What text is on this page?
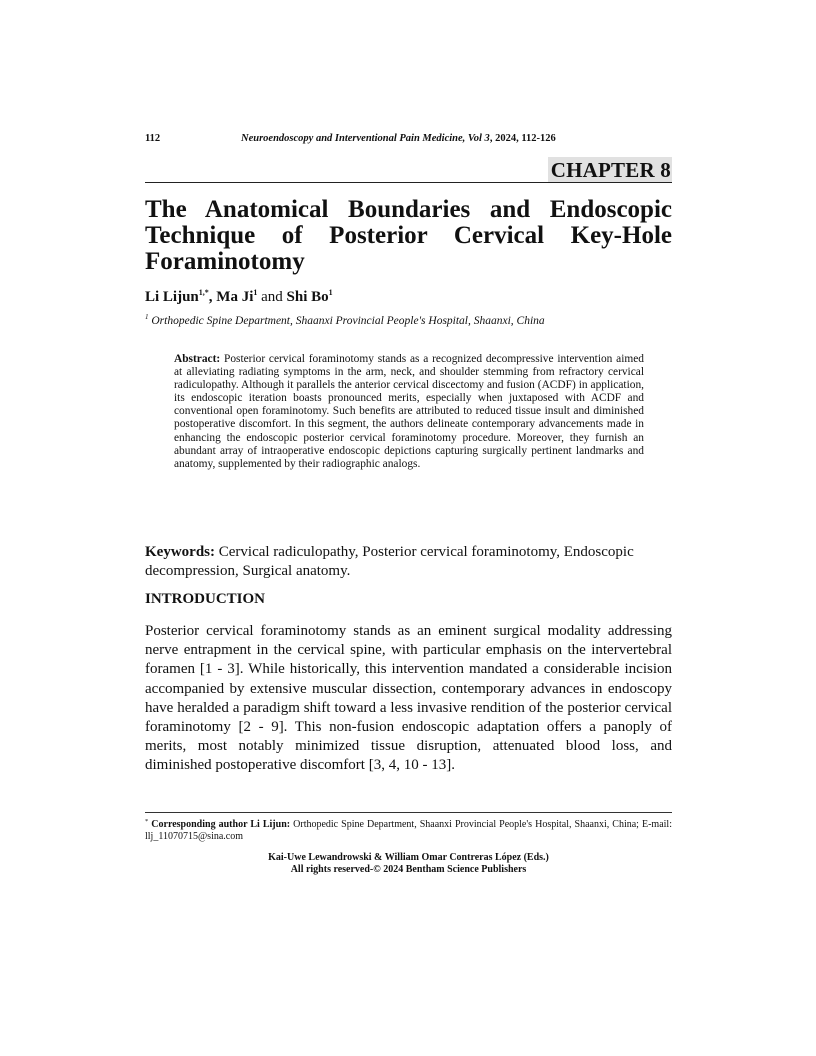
112	Neuroendoscopy and Interventional Pain Medicine, Vol 3, 2024, 112-126
CHAPTER 8
The Anatomical Boundaries and Endoscopic Technique of Posterior Cervical Key-Hole Foraminotomy
Li Lijun$^{1,*}$, Ma Ji$^1$ and Shi Bo$^1$
$^1$ Orthopedic Spine Department, Shaanxi Provincial People's Hospital, Shaanxi, China

Abstract: Posterior cervical foraminotomy stands as a recognized decompressive intervention aimed at alleviating radiating symptoms in the arm, neck, and shoulder stemming from refractory cervical radiculopathy. Although it parallels the anterior cervical discectomy and fusion (ACDF) in application, its endoscopic iteration boasts pronounced merits, especially when juxtaposed with ACDF and conventional open foraminotomy. Such benefits are attributed to reduced tissue insult and diminished postoperative discomfort. In this segment, the authors delineate contemporary advancements made in enhancing the endoscopic posterior cervical foraminotomy procedure. Moreover, they furnish an abundant array of intraoperative endoscopic depictions capturing surgically pertinent landmarks and anatomy, supplemented by their radiographic analogs.

Keywords: Cervical radiculopathy, Posterior cervical foraminotomy, Endoscopic decompression, Surgical anatomy.

INTRODUCTION

Posterior cervical foraminotomy stands as an eminent surgical modality addressing nerve entrapment in the cervical spine, with particular emphasis on the intervertebral foramen [1 - 3]. While historically, this intervention mandated a considerable incision accompanied by extensive muscular dissection, contemporary advances in endoscopy have heralded a paradigm shift toward a less invasive rendition of the posterior cervical foraminotomy [2 - 9]. This non-fusion endoscopic adaptation offers a panoply of merits, most notably minimized tissue disruption, attenuated blood loss, and diminished postoperative discomfort [3, 4, 10 - 13].

* Corresponding author Li Lijun: Orthopedic Spine Department, Shaanxi Provincial People's Hospital, Shaanxi, China; E-mail: llj_11070715@sina.com

Kai-Uwe Lewandrowski & William Omar Contreras López (Eds.)
All rights reserved-© 2024 Bentham Science Publishers
